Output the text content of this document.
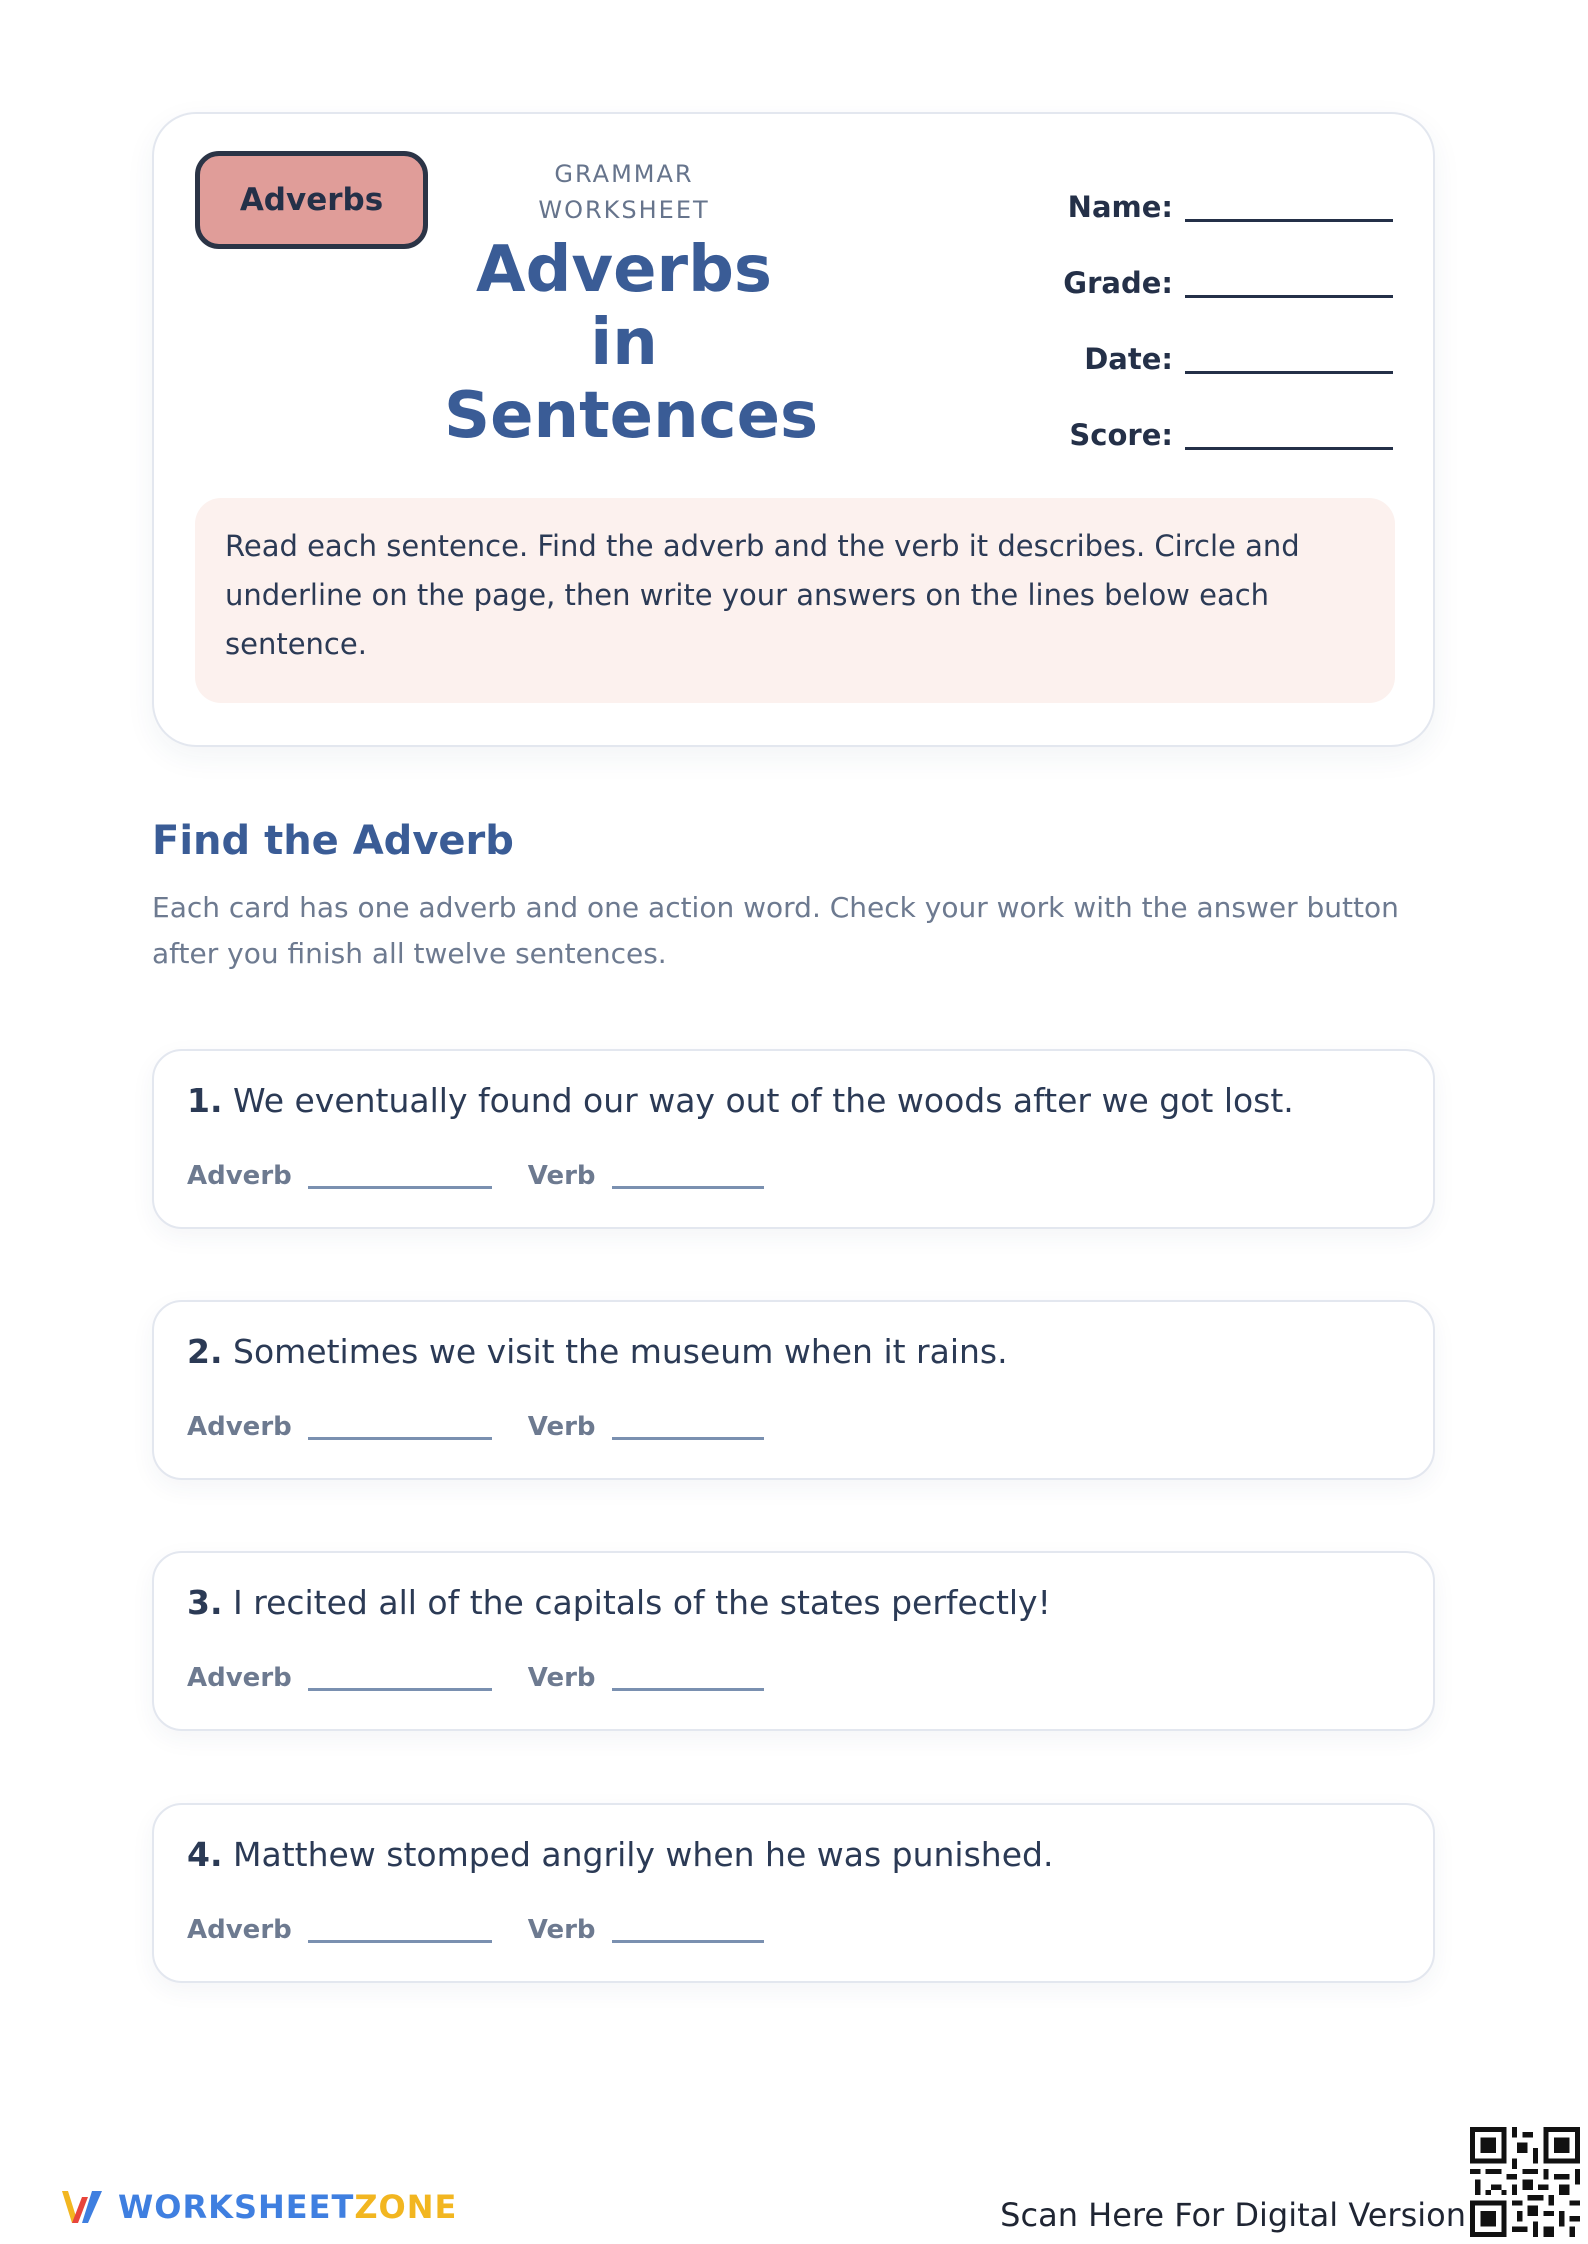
Adverbs
GRAMMAR
WORKSHEET
Adverbs
in
Sentences
Name:
Grade:
Date:
Score:
Read each sentence. Find the adverb and the verb it describes. Circle and underline on the page, then write your answers on the lines below each sentence.
Find the Adverb
Each card has one adverb and one action word. Check your work with the answer button after you finish all twelve sentences.
1. We eventually found our way out of the woods after we got lost.
Adverb	Verb
2. Sometimes we visit the museum when it rains.
Adverb	Verb
3. I recited all of the capitals of the states perfectly!
Adverb	Verb
4. Matthew stomped angrily when he was punished.
Adverb	Verb
WORKSHEETZONE	Scan Here For Digital Version
